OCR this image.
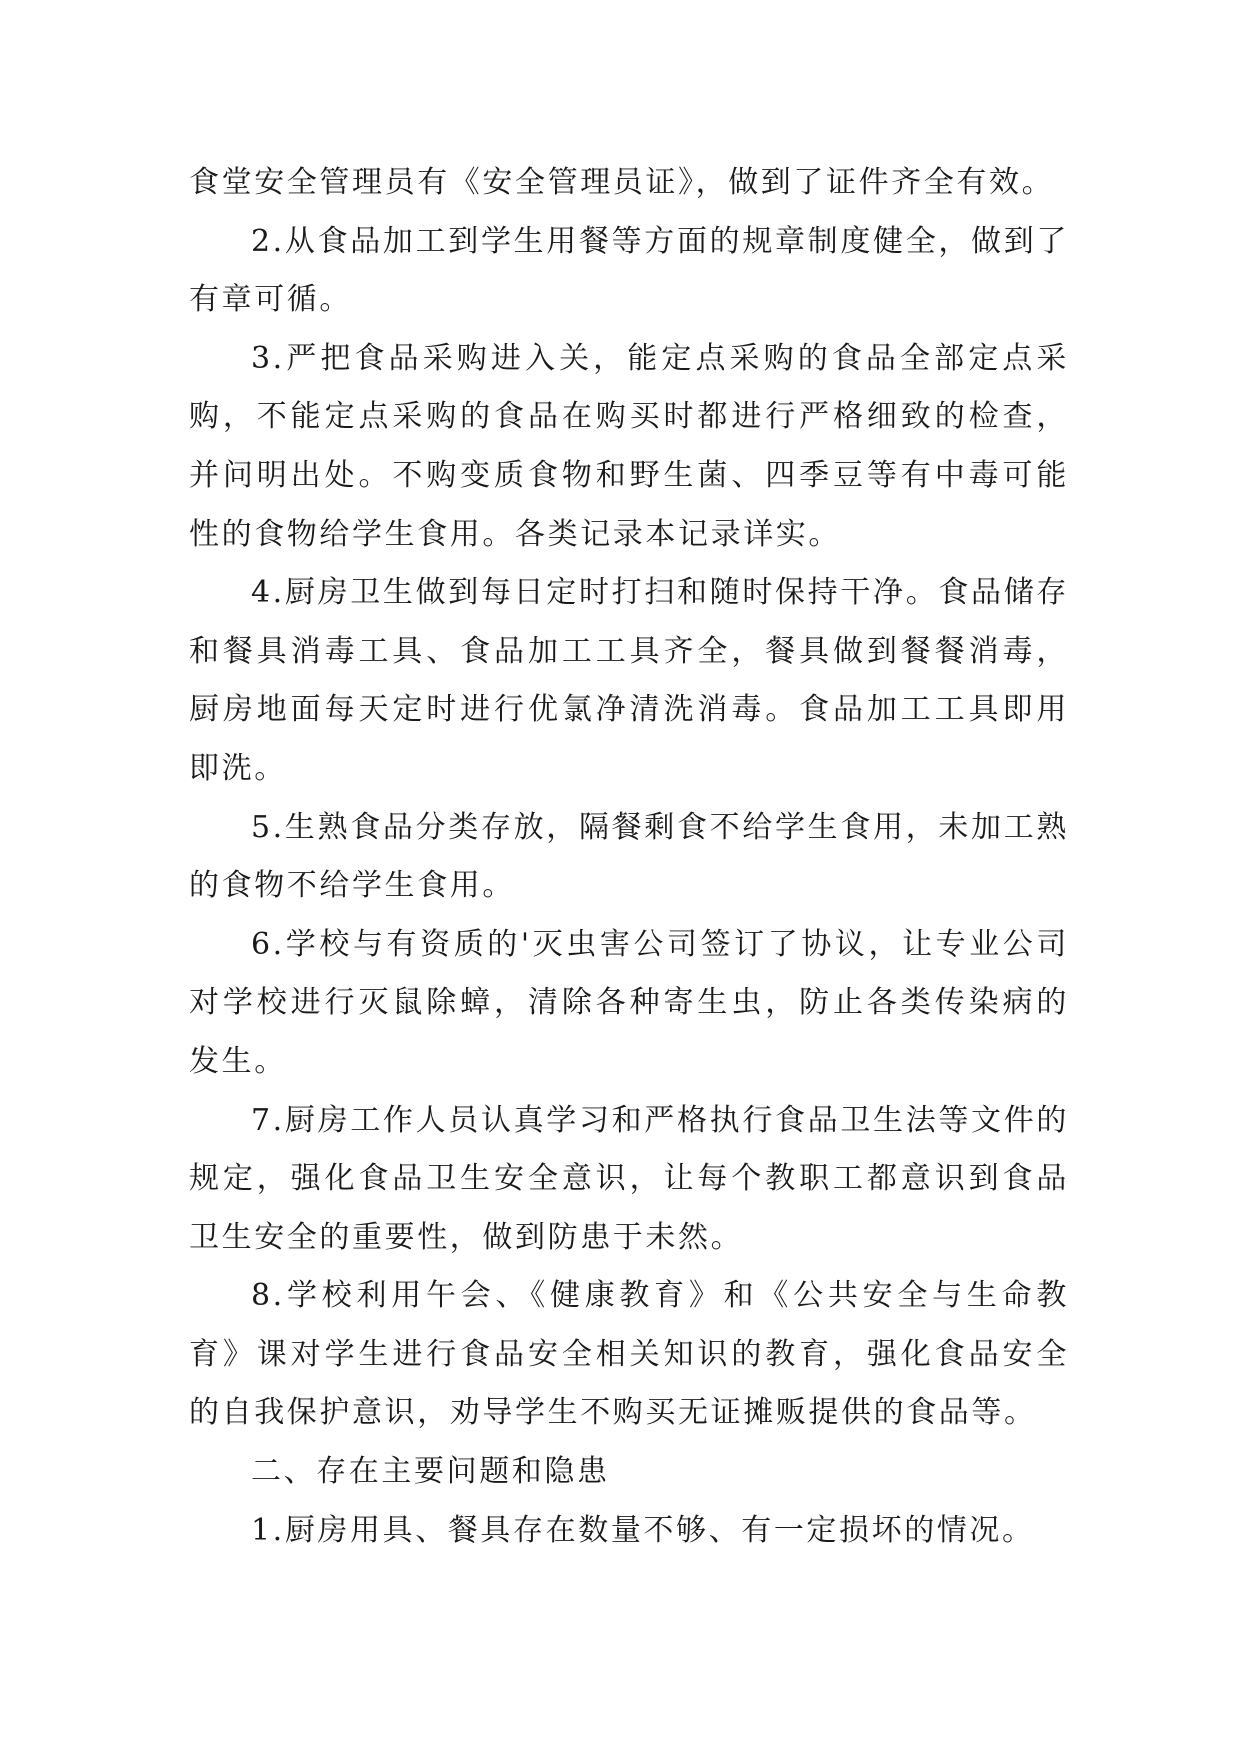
食堂安全管理员有《安全管理员证》，做到了证件齐全有效。

2.从食品加工到学生用餐等方面的规章制度健全，做到了有章可循。

3.严把食品采购进入关，能定点采购的食品全部定点采购，不能定点采购的食品在购买时都进行严格细致的检查，并问明出处。不购变质食物和野生菌、四季豆等有中毒可能性的食物给学生食用。各类记录本记录详实。

4.厨房卫生做到每日定时打扫和随时保持干净。食品储存和餐具消毒工具、食品加工工具齐全，餐具做到餐餐消毒，厨房地面每天定时进行优氯净清洗消毒。食品加工工具即用即洗。

5.生熟食品分类存放，隔餐剩食不给学生食用，未加工熟的食物不给学生食用。

6.学校与有资质的'灭虫害公司签订了协议，让专业公司对学校进行灭鼠除蟑，清除各种寄生虫，防止各类传染病的发生。

7.厨房工作人员认真学习和严格执行食品卫生法等文件的规定，强化食品卫生安全意识，让每个教职工都意识到食品卫生安全的重要性，做到防患于未然。

8.学校利用午会、《健康教育》和《公共安全与生命教育》课对学生进行食品安全相关知识的教育，强化食品安全的自我保护意识，劝导学生不购买无证摊贩提供的食品等。

二、存在主要问题和隐患

1.厨房用具、餐具存在数量不够、有一定损坏的情况。
